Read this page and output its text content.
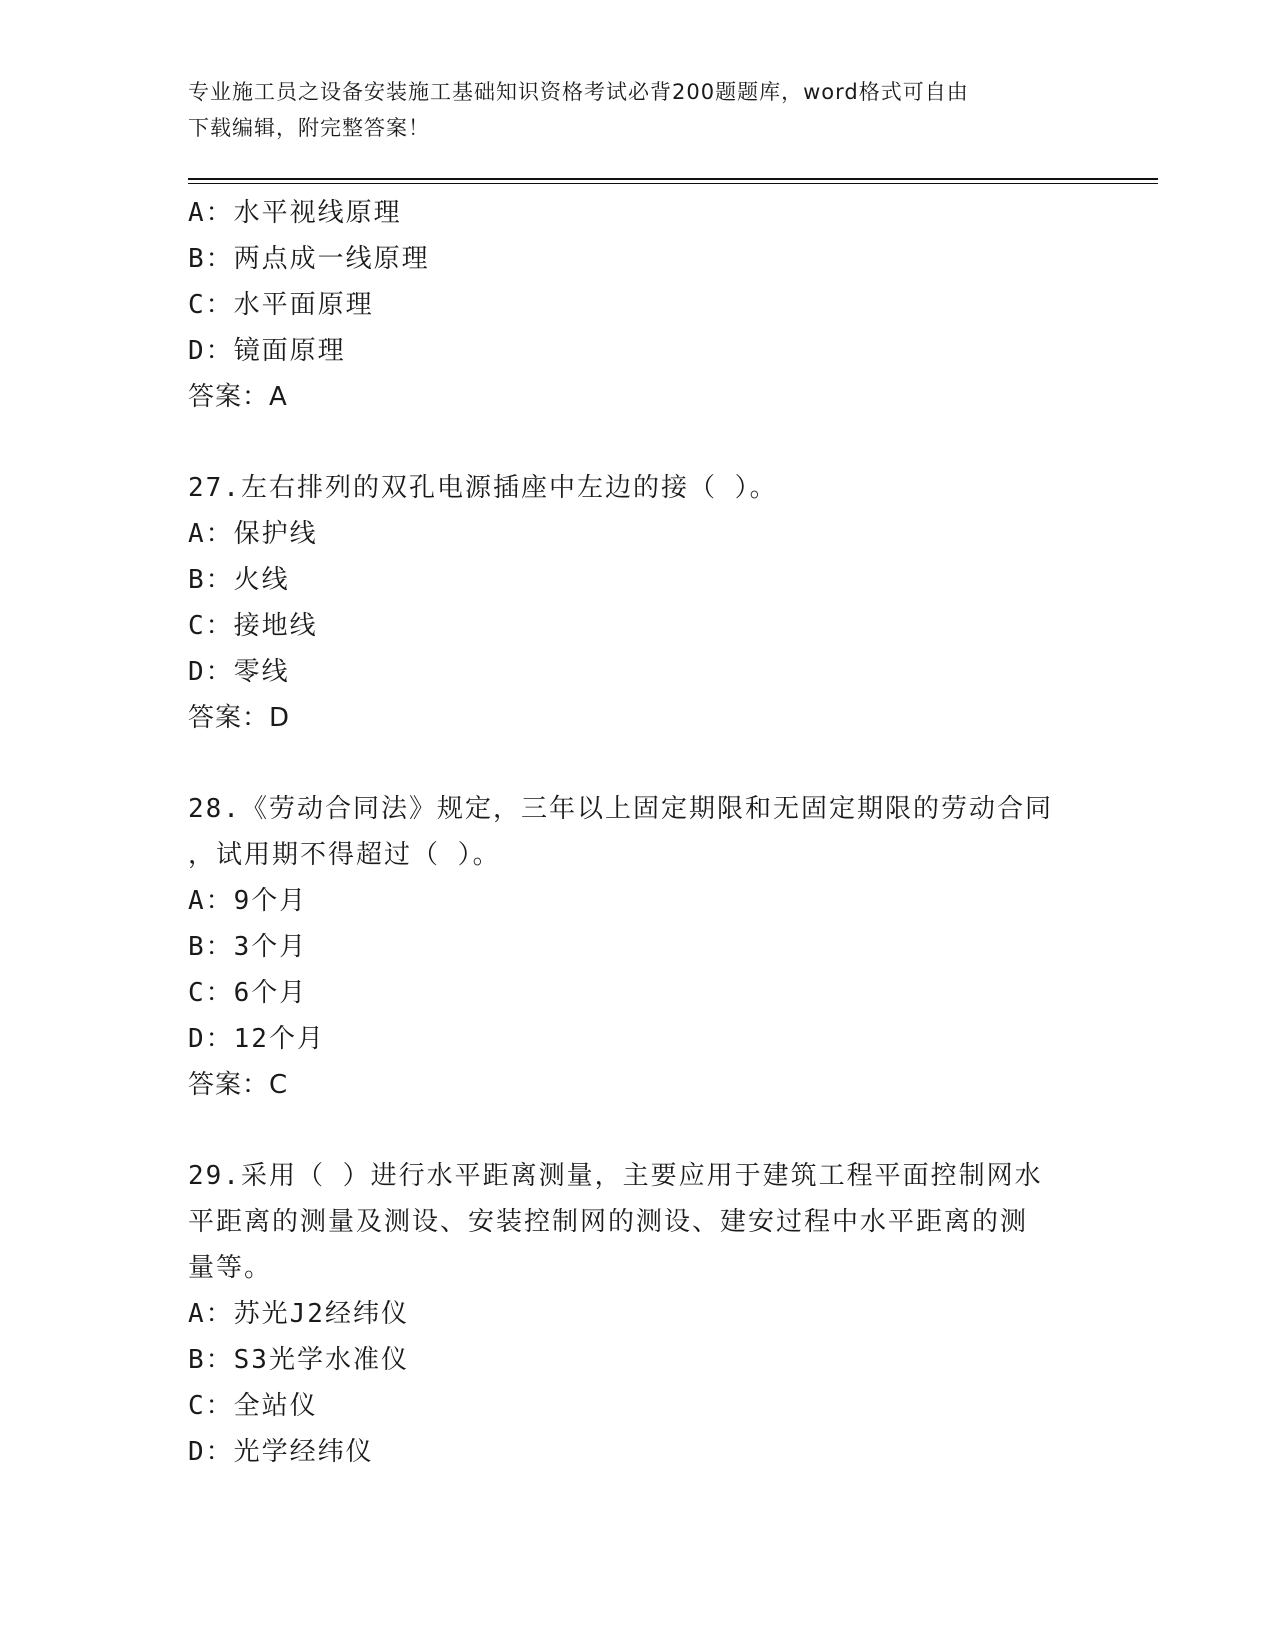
专业施工员之设备安装施工基础知识资格考试必背200题题库，word格式可自由
下载编辑，附完整答案！
A：水平视线原理
B：两点成一线原理
C：水平面原理
D：镜面原理
答案：A
27.左右排列的双孔电源插座中左边的接（ ）。
A：保护线
B：火线
C：接地线
D：零线
答案：D
28.《劳动合同法》规定，三年以上固定期限和无固定期限的劳动合同
，试用期不得超过（ ）。
A：9个月
B：3个月
C：6个月
D：12个月
答案：C
29.采用（ ）进行水平距离测量，主要应用于建筑工程平面控制网水
平距离的测量及测设、安装控制网的测设、建安过程中水平距离的测
量等。
A：苏光J2经纬仪
B：S3光学水准仪
C：全站仪
D：光学经纬仪
